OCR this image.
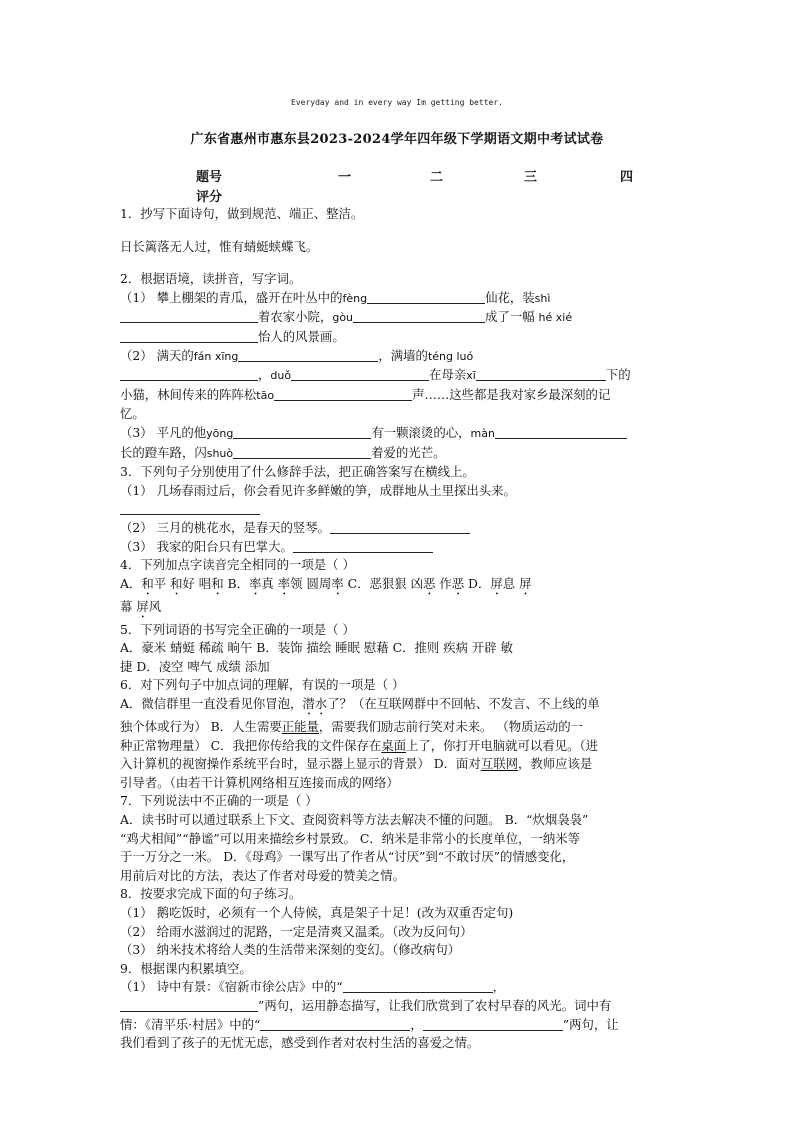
Everyday and in every way Im getting better.
广东省惠州市惠东县2023-2024学年四年级下学期语文期中考试试卷
题号	一	二	三	四
评分

1．抄写下面诗句，做到规范、端正、整洁。

日长篱落无人过，惟有蜻蜓蛱蝶飞。

2．根据语境，读拼音，写字词。

（1） 攀上棚架的青瓜，盛开在叶丛中的fèng	仙花，装shì

着农家小院，gòu	成了一幅 hé xié

怡人的风景画。

（2） 满天的fán xīng	，满墙的téng luó

，duǒ	在母亲xī	下的

小猫，林间传来的阵阵松tāo	声……这些都是我对家乡最深刻的记

忆。

（3） 平凡的他yōng	有一颗滚烫的心，màn

长的蹬车路，闪shuò	着爱的光芒。

3．下列句子分别使用了什么修辞手法，把正确答案写在横线上。

（1） 几场春雨过后，你会看见许多鲜嫩的笋，成群地从土里探出头来。

（2） 三月的桃花水，是春天的竖琴。

（3） 我家的阳台只有巴掌大。

4．下列加点字读音完全相同的一项是（ ）

A．和平 和好 唱和 B．率真 率领 圆周率 C．恶狠狠 凶恶 作恶 D．屏息 屏

幕 屏风

5．下列词语的书写完全正确的一项是（ ）

A．豪米 蜻蜓 稀疏 晌午 B．装饰 描绘 睡眠 慰藉 C．推则 疾病 开辟 敏

捷 D．凌空 啤气 成绩 添加

6．对下列句子中加点词的理解，有误的一项是（ ）

A．微信群里一直没看见你冒泡，潜水了？（在互联网群中不回帖、不发言、不上线的单
独个体或行为） B．人生需要正能量，需要我们励志前行笑对未来。 （物质运动的一
种正常物理量） C．我把你传给我的文件保存在桌面上了，你打开电脑就可以看见。（进
入计算机的视窗操作系统平台时，显示器上显示的背景） D．面对互联网，教师应该是
引导者。（由若干计算机网络相互连接而成的网络）

7．下列说法中不正确的一项是（ ）

A．读书时可以通过联系上下文、查阅资料等方法去解决不懂的问题。 B．“炊烟袅袅”
“鸡犬相闻”“静谧”可以用来描绘乡村景致。 C．纳米是非常小的长度单位，一纳米等
于一万分之一米。 D．《母鸡》一课写出了作者从“讨厌”到“不敢讨厌”的情感变化，
用前后对比的方法，表达了作者对母爱的赞美之情。

8．按要求完成下面的句子练习。

（1） 鹅吃饭时，必须有一个人侍候，真是架子十足！(改为双重否定句)

（2） 给雨水滋润过的泥路，一定是清爽又温柔。（改为反问句）

（3） 纳米技术将给人类的生活带来深刻的变幻。（修改病句）

9．根据课内积累填空。

（1） 诗中有景：《宿新市徐公店》中的“	，

”两句，运用静态描写，让我们欣赏到了农村早春的风光。词中有

情：《清平乐·村居》中的“	，	”两句，让

我们看到了孩子的无忧无虑，感受到作者对农村生活的喜爱之情。
